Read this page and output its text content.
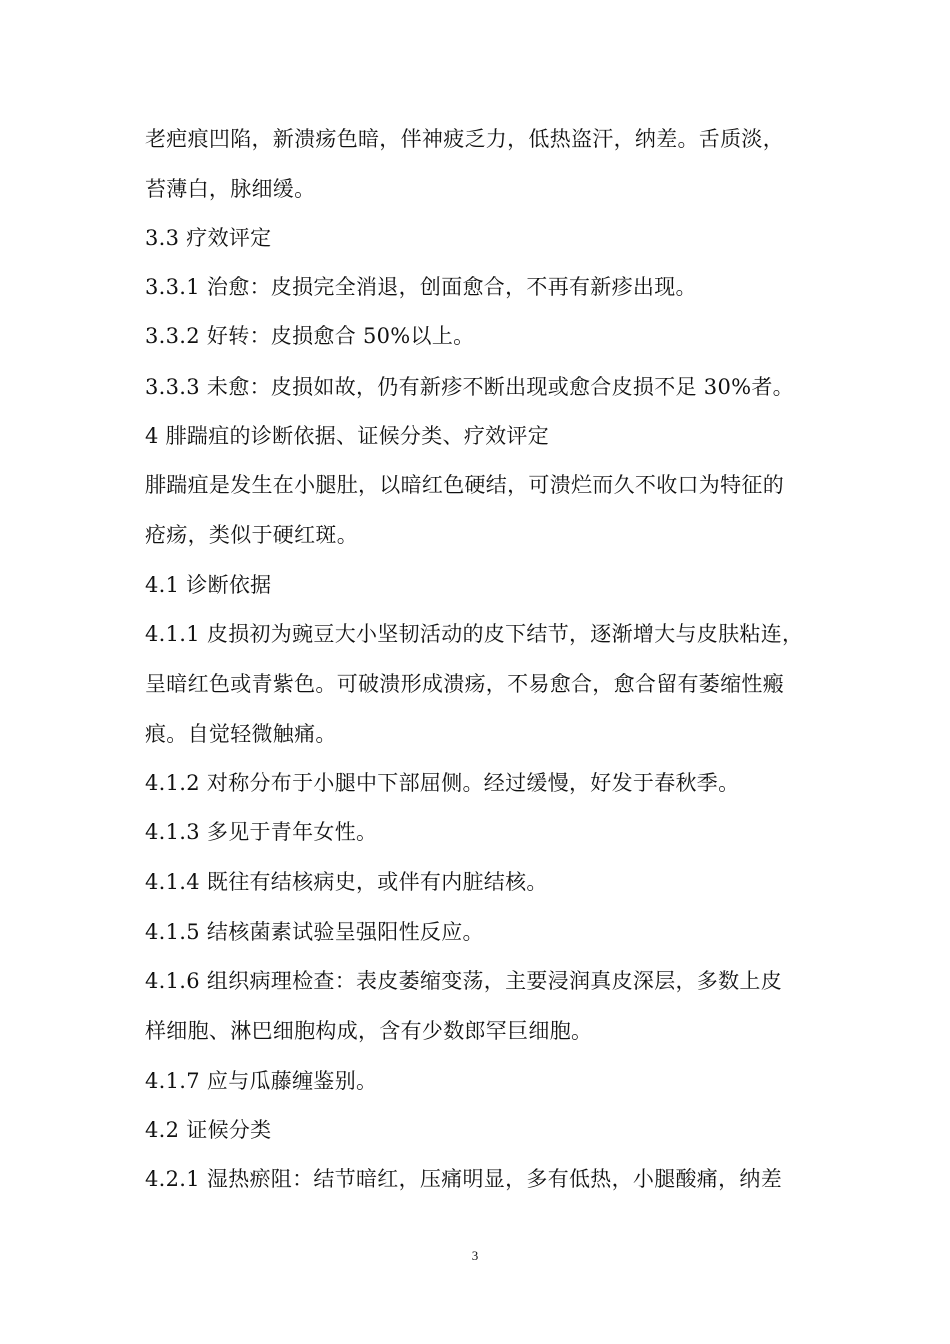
老疤痕凹陷，新溃疡色暗，伴神疲乏力，低热盗汗，纳差。舌质淡，
苔薄白，脉细缓。
3.3 疗效评定
3.3.1 治愈：皮损完全消退，创面愈合，不再有新疹出现。
3.3.2 好转：皮损愈合 50%以上。
3.3.3 未愈：皮损如故，仍有新疹不断出现或愈合皮损不足 30%者。
4 腓踹疽的诊断依据、证候分类、疗效评定
腓踹疽是发生在小腿肚，以暗红色硬结，可溃烂而久不收口为特征的
疮疡，类似于硬红斑。
4.1 诊断依据
4.1.1 皮损初为豌豆大小坚韧活动的皮下结节，逐渐增大与皮肤粘连，
呈暗红色或青紫色。可破溃形成溃疡，不易愈合，愈合留有萎缩性瘢
痕。自觉轻微触痛。
4.1.2 对称分布于小腿中下部屈侧。经过缓慢，好发于春秋季。
4.1.3 多见于青年女性。
4.1.4 既往有结核病史，或伴有内脏结核。
4.1.5 结核菌素试验呈强阳性反应。
4.1.6 组织病理检查：表皮萎缩变荡，主要浸润真皮深层，多数上皮
样细胞、淋巴细胞构成，含有少数郎罕巨细胞。
4.1.7 应与瓜藤缠鉴别。
4.2 证候分类
4.2.1 湿热瘀阻：结节暗红，压痛明显，多有低热，小腿酸痛，纳差
3
